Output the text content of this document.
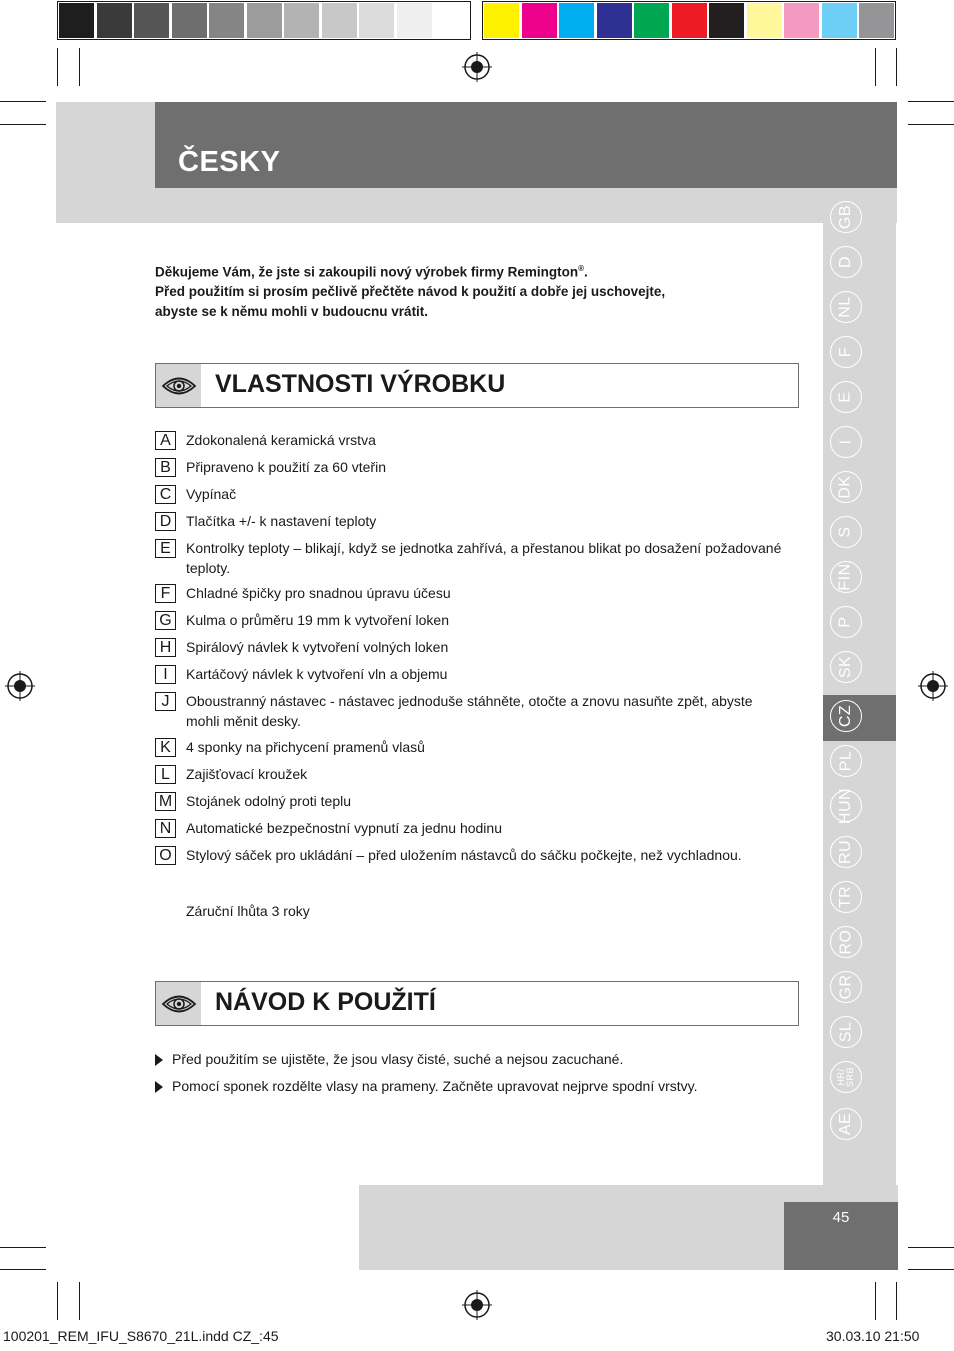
ČESKY
GB
D
NL
F
E
I
DK
S
FIN
P
SK
CZ
PL
HUN
RU
TR
RO
GR
SL
HR/
SRB
AE
Děkujeme Vám, že jste si zakoupili nový výrobek firmy Remington®.
Před použitím si prosím pečlivě přečtěte návod k použití a dobře jej uschovejte,
abyste se k němu mohli v budoucnu vrátit.
VLASTNOSTI VÝROBKU
A	Zdokonalená keramická vrstva
B	Připraveno k použití za 60 vteřin
C	Vypínač
D	Tlačítka +/- k nastavení teploty
E	Kontrolky teploty – blikají, když se jednotka zahřívá, a přestanou blikat po dosažení požadované teploty.
F	Chladné špičky pro snadnou úpravu účesu
G	Kulma o průměru 19 mm k vytvoření loken
H	Spirálový návlek k vytvoření volných loken
I	Kartáčový návlek k vytvoření vln a objemu
J	Oboustranný nástavec - nástavec jednoduše stáhněte, otočte a znovu nasuňte zpět, abyste mohli měnit desky.
K	4 sponky na přichycení pramenů vlasů
L	Zajišťovací kroužek
M Stojánek odolný proti teplu
N	Automatické bezpečnostní vypnutí za jednu hodinu
O	Stylový sáček pro ukládání – před uložením nástavců do sáčku počkejte, než vychladnou.
Záruční lhůta 3 roky
NÁVOD K POUŽITÍ
Před použitím se ujistěte, že jsou vlasy čisté, suché a nejsou zacuchané.
Pomocí sponek rozdělte vlasy na prameny. Začněte upravovat nejprve spodní vrstvy.
45
100201_REM_IFU_S8670_21L.indd CZ_:45	30.03.10 21:50
